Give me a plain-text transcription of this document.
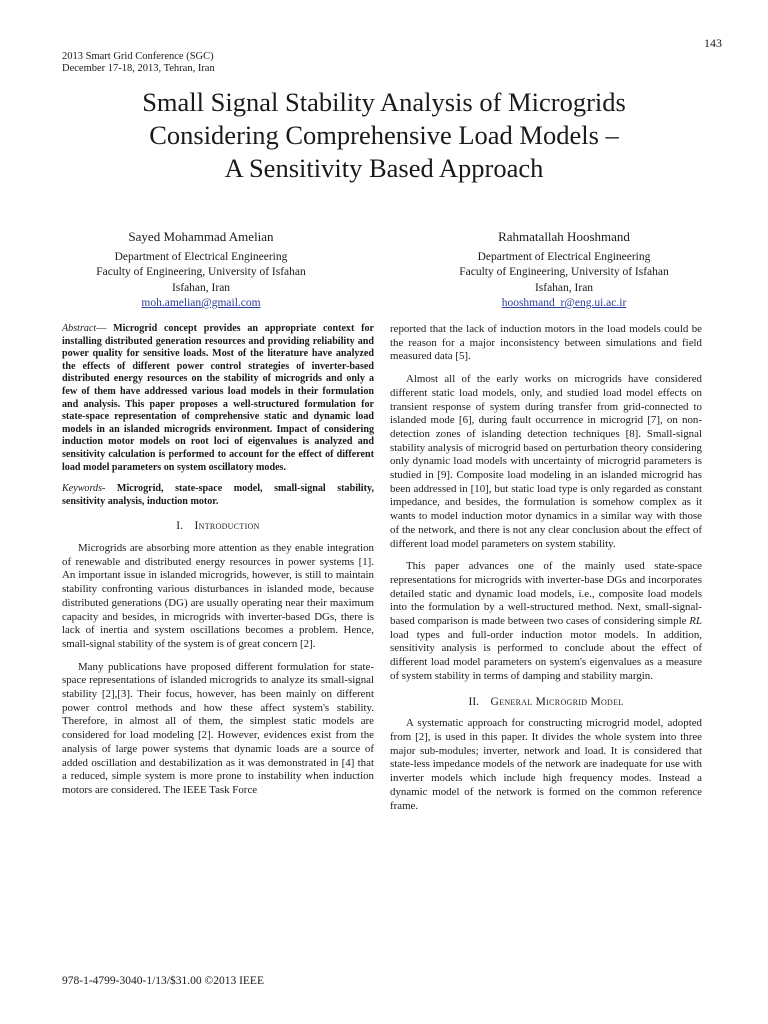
143
2013 Smart Grid Conference (SGC)
December 17-18, 2013, Tehran, Iran
Small Signal Stability Analysis of Microgrids
Considering Comprehensive Load Models –
A Sensitivity Based Approach
Sayed Mohammad Amelian
Department of Electrical Engineering
Faculty of Engineering, University of Isfahan
Isfahan, Iran
moh.amelian@gmail.com
Rahmatallah Hooshmand
Department of Electrical Engineering
Faculty of Engineering, University of Isfahan
Isfahan, Iran
hooshmand_r@eng.ui.ac.ir

Abstract— Microgrid concept provides an appropriate context for installing distributed generation resources and providing reliability and power quality for sensitive loads. Most of the literature have analyzed the effects of different power control strategies of inverter-based distributed energy resources on the stability of microgrids and only a few of them have addressed various load models in their formulation and analysis. This paper proposes a well-structured formulation for state-space representation of comprehensive static and dynamic load models in an islanded microgrids environment. Impact of considering induction motor models on root loci of eigenvalues is analyzed and sensitivity calculation is performed to account for the effect of different load model parameters on system oscillatory modes.

Keywords- Microgrid, state-space model, small-signal stability, sensitivity analysis, induction motor.

I. Introduction

Microgrids are absorbing more attention as they enable integration of renewable and distributed energy resources in power systems [1]. An important issue in islanded microgrids, however, is still to maintain stability confronting various disturbances in islanded mode, because distributed generations (DG) are usually operating near their maximum capacity and besides, in microgrids with inverter-based DGs, there is lack of inertia and system oscillations becomes a problem. Hence, small-signal stability of the system is of great concern [2].

Many publications have proposed different formulation for state-space representations of islanded microgrids to analyze its small-signal stability [2],[3]. Their focus, however, has been mainly on different power control methods and how these affect system's stability. Therefore, in almost all of them, the simplest static models are considered for load modeling [2]. However, evidences exist from the analysis of large power systems that dynamic loads are a source of added oscillation and destabilization as it was demonstrated in [4] that a reduced, simple system is more prone to instability when induction motors are considered. The IEEE Task Force

reported that the lack of induction motors in the load models could be the reason for a major inconsistency between simulations and field measured data [5].

Almost all of the early works on microgrids have considered different static load models, only, and studied load model effects on transient response of system during transfer from grid-connected to islanded mode [6], during fault occurrence in microgrid [7], on non-detection zones of islanding detection techniques [8]. Small-signal stability analysis of microgrid based on perturbation theory considering only dynamic load models with uncertainty of microgrid parameters is studied in [9]. Composite load modeling in an islanded microgrid has been addressed in [10], but static load type is only regarded as constant impedance, and besides, the formulation is somehow complex as it wants to model induction motor dynamics in a similar way with those of the network, and there is not any clear conclusion about the effect of different load model parameters on system stability.

This paper advances one of the mainly used state-space representations for microgrids with inverter-base DGs and incorporates detailed static and dynamic load models, i.e., composite load models into the formulation by a well-structured method. Next, small-signal-based comparison is made between two cases of considering simple RL load types and full-order induction motor models. In addition, sensitivity analysis is performed to conclude about the effect of different load model parameters on system's eigenvalues as a measure of system stability in terms of damping and stability margin.

II. General Microgrid Model

A systematic approach for constructing microgrid model, adopted from [2], is used in this paper. It divides the whole system into three major sub-modules; inverter, network and load. It is considered that state-less impedance models of the network are inadequate for use with inverter models which include high frequency modes. Instead a dynamic model of the network is formed on the common reference frame.

978-1-4799-3040-1/13/$31.00 ©2013 IEEE
